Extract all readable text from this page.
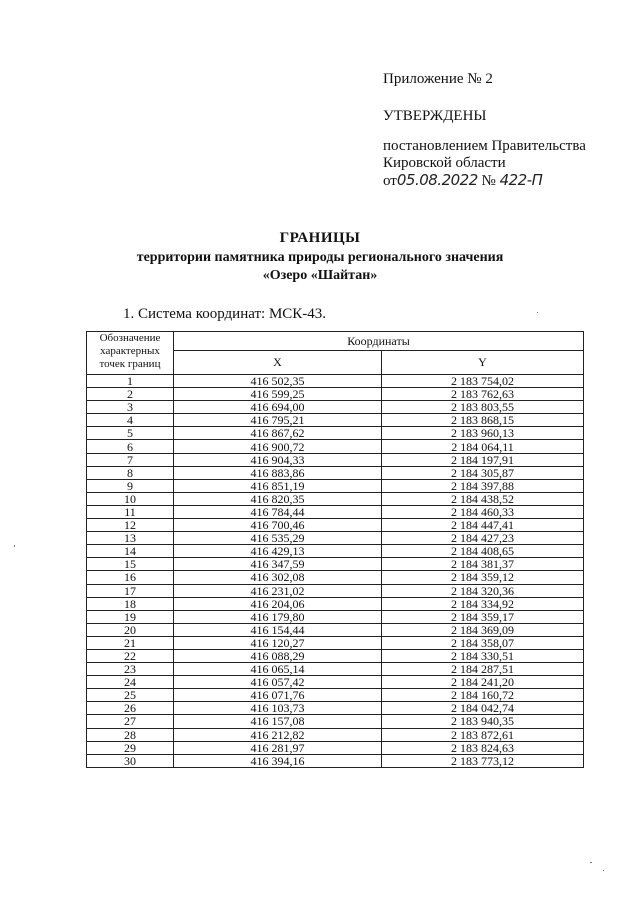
Приложение № 2
УТВЕРЖДЕНЫ
постановлением Правительства
Кировской области
от05.08.2022 № 422-П
ГРАНИЦЫ
территории памятника природы регионального значения
«Озеро «Шайтан»
1. Система координат: МСК-43.
Обозначение характерных точек границ	Координаты	
	X	Y
1	416 502,35	2 183 754,02
2	416 599,25	2 183 762,63
3	416 694,00	2 183 803,55
4	416 795,21	2 183 868,15
5	416 867,62	2 183 960,13
6	416 900,72	2 184 064,11
7	416 904,33	2 184 197,91
8	416 883,86	2 184 305,87
9	416 851,19	2 184 397,88
10	416 820,35	2 184 438,52
11	416 784,44	2 184 460,33
12	416 700,46	2 184 447,41
13	416 535,29	2 184 427,23
14	416 429,13	2 184 408,65
15	416 347,59	2 184 381,37
16	416 302,08	2 184 359,12
17	416 231,02	2 184 320,36
18	416 204,06	2 184 334,92
19	416 179,80	2 184 359,17
20	416 154,44	2 184 369,09
21	416 120,27	2 184 358,07
22	416 088,29	2 184 330,51
23	416 065,14	2 184 287,51
24	416 057,42	2 184 241,20
25	416 071,76	2 184 160,72
26	416 103,73	2 184 042,74
27	416 157,08	2 183 940,35
28	416 212,82	2 183 872,61
29	416 281,97	2 183 824,63
30	416 394,16	2 183 773,12
